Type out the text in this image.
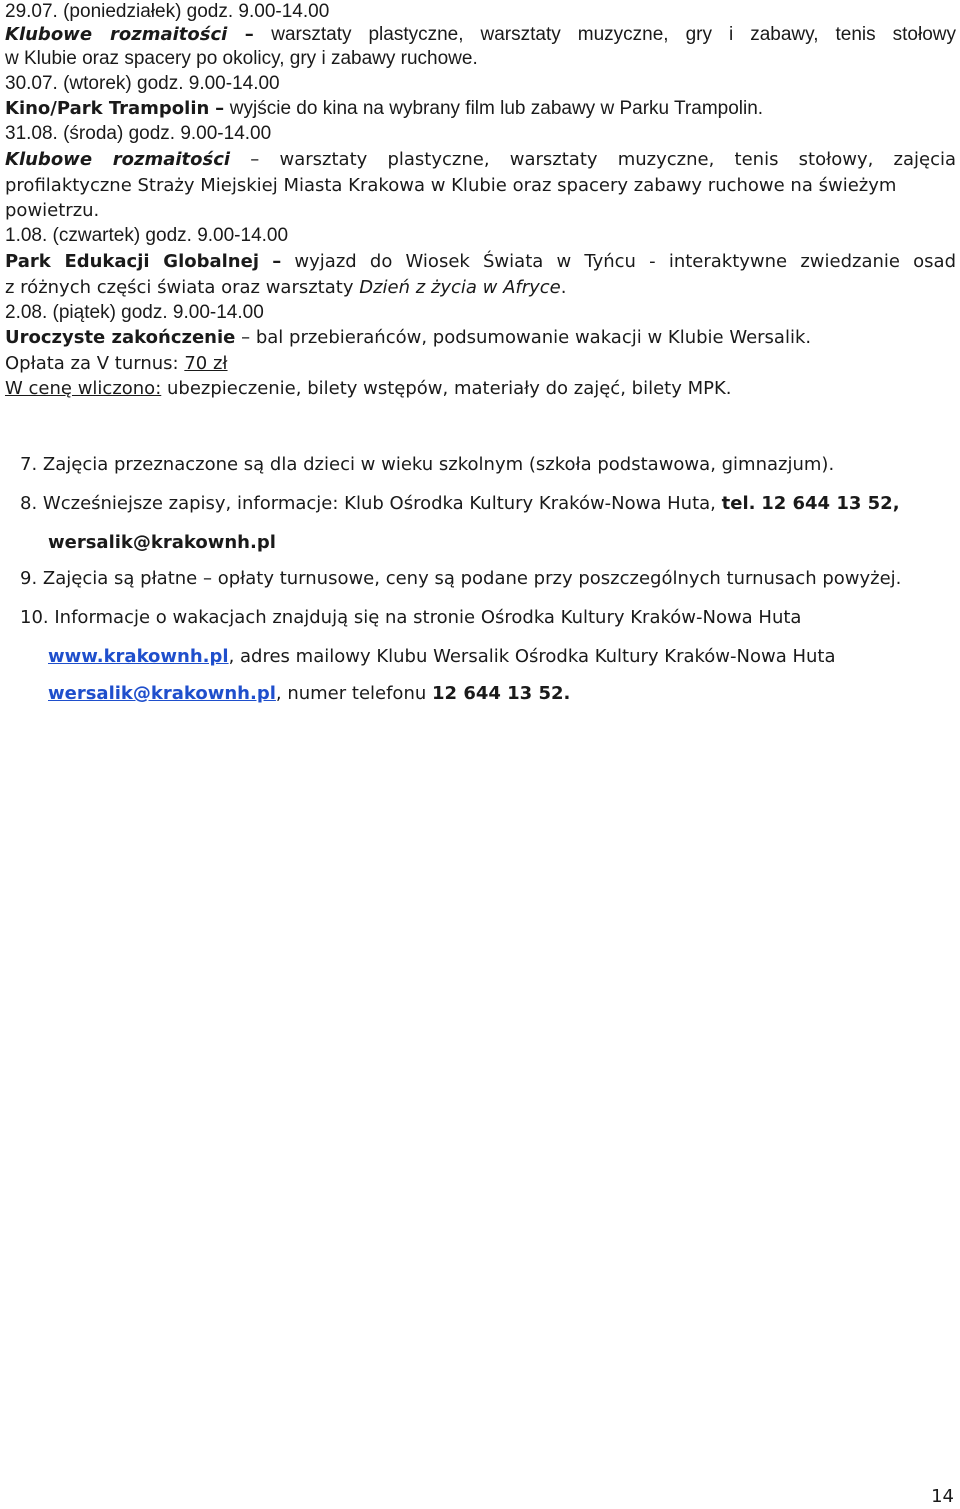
29.07. (poniedziałek) godz. 9.00-14.00
Klubowe rozmaitości – warsztaty plastyczne, warsztaty muzyczne, gry i zabawy, tenis stołowy
w Klubie oraz spacery po okolicy, gry i zabawy ruchowe.
30.07. (wtorek) godz. 9.00-14.00
Kino/Park Trampolin – wyjście do kina na wybrany film lub zabawy w Parku Trampolin.
31.08. (środa) godz. 9.00-14.00
Klubowe rozmaitości – warsztaty plastyczne, warsztaty muzyczne, tenis stołowy, zajęcia
profilaktyczne Straży Miejskiej Miasta Krakowa w Klubie oraz spacery zabawy ruchowe na świeżym
powietrzu.
1.08. (czwartek) godz. 9.00-14.00
Park Edukacji Globalnej – wyjazd do Wiosek Świata w Tyńcu - interaktywne zwiedzanie osad
z różnych części świata oraz warsztaty Dzień z życia w Afryce.
2.08. (piątek) godz. 9.00-14.00
Uroczyste zakończenie – bal przebierańców, podsumowanie wakacji w Klubie Wersalik.
Opłata za V turnus: 70 zł
W cenę wliczono: ubezpieczenie, bilety wstępów, materiały do zajęć, bilety MPK.
7. Zajęcia przeznaczone są dla dzieci w wieku szkolnym (szkoła podstawowa, gimnazjum).
8. Wcześniejsze zapisy, informacje: Klub Ośrodka Kultury Kraków-Nowa Huta, tel. 12 644 13 52,
wersalik@krakownh.pl
9. Zajęcia są płatne – opłaty turnusowe, ceny są podane przy poszczególnych turnusach powyżej.
10. Informacje o wakacjach znajdują się na stronie Ośrodka Kultury Kraków-Nowa Huta
www.krakownh.pl, adres mailowy Klubu Wersalik Ośrodka Kultury Kraków-Nowa Huta
wersalik@krakownh.pl, numer telefonu 12 644 13 52.
14
